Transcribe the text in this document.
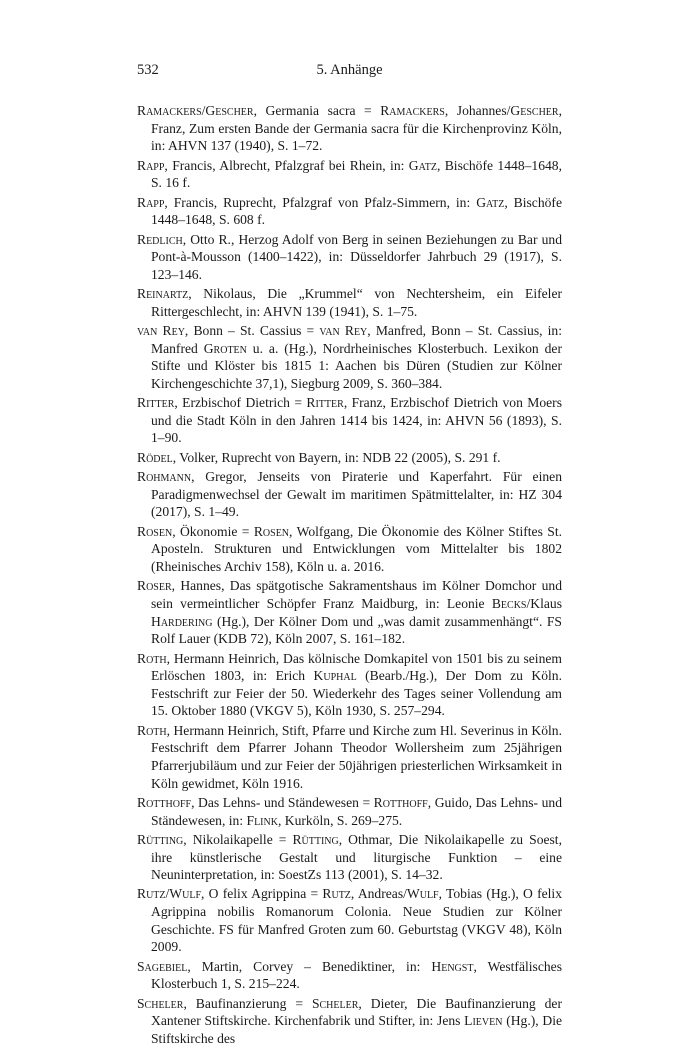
532	5. Anhänge

Ramackers/Gescher, Germania sacra = Ramackers, Johannes/Gescher, Franz, Zum ersten Bande der Germania sacra für die Kirchenprovinz Köln, in: AHVN 137 (1940), S. 1–72.

Rapp, Francis, Albrecht, Pfalzgraf bei Rhein, in: Gatz, Bischöfe 1448–1648, S. 16 f.

Rapp, Francis, Ruprecht, Pfalzgraf von Pfalz-Simmern, in: Gatz, Bischöfe 1448–1648, S. 608 f.

Redlich, Otto R., Herzog Adolf von Berg in seinen Beziehungen zu Bar und Pont-à-Mousson (1400–1422), in: Düsseldorfer Jahrbuch 29 (1917), S. 123–146.

Reinartz, Nikolaus, Die „Krummel“ von Nechtersheim, ein Eifeler Rittergeschlecht, in: AHVN 139 (1941), S. 1–75.

van Rey, Bonn – St. Cassius = van Rey, Manfred, Bonn – St. Cassius, in: Manfred Groten u. a. (Hg.), Nordrheinisches Klosterbuch. Lexikon der Stifte und Klöster bis 1815 1: Aachen bis Düren (Studien zur Kölner Kirchengeschichte 37,1), Siegburg 2009, S. 360–384.

Ritter, Erzbischof Dietrich = Ritter, Franz, Erzbischof Dietrich von Moers und die Stadt Köln in den Jahren 1414 bis 1424, in: AHVN 56 (1893), S. 1–90.

Rödel, Volker, Ruprecht von Bayern, in: NDB 22 (2005), S. 291 f.

Rohmann, Gregor, Jenseits von Piraterie und Kaperfahrt. Für einen Paradigmenwechsel der Gewalt im maritimen Spätmittelalter, in: HZ 304 (2017), S. 1–49.

Rosen, Ökonomie = Rosen, Wolfgang, Die Ökonomie des Kölner Stiftes St. Aposteln. Strukturen und Entwicklungen vom Mittelalter bis 1802 (Rheinisches Archiv 158), Köln u. a. 2016.

Roser, Hannes, Das spätgotische Sakramentshaus im Kölner Domchor und sein vermeintlicher Schöpfer Franz Maidburg, in: Leonie Becks/Klaus Hardering (Hg.), Der Kölner Dom und „was damit zusammenhängt“. FS Rolf Lauer (KDB 72), Köln 2007, S. 161–182.

Roth, Hermann Heinrich, Das kölnische Domkapitel von 1501 bis zu seinem Erlöschen 1803, in: Erich Kuphal (Bearb./Hg.), Der Dom zu Köln. Festschrift zur Feier der 50. Wiederkehr des Tages seiner Vollendung am 15. Oktober 1880 (VKGV 5), Köln 1930, S. 257–294.

Roth, Hermann Heinrich, Stift, Pfarre und Kirche zum Hl. Severinus in Köln. Festschrift dem Pfarrer Johann Theodor Wollersheim zum 25jährigen Pfarrerjubiläum und zur Feier der 50jährigen priesterlichen Wirksamkeit in Köln gewidmet, Köln 1916.

Rotthoff, Das Lehns- und Ständewesen = Rotthoff, Guido, Das Lehns- und Ständewesen, in: Flink, Kurköln, S. 269–275.

Rütting, Nikolaikapelle = Rütting, Othmar, Die Nikolaikapelle zu Soest, ihre künstlerische Gestalt und liturgische Funktion – eine Neuninterpretation, in: SoestZs 113 (2001), S. 14–32.

Rutz/Wulf, O felix Agrippina = Rutz, Andreas/Wulf, Tobias (Hg.), O felix Agrippina nobilis Romanorum Colonia. Neue Studien zur Kölner Geschichte. FS für Manfred Groten zum 60. Geburtstag (VKGV 48), Köln 2009.

Sagebiel, Martin, Corvey – Benediktiner, in: Hengst, Westfälisches Klosterbuch 1, S. 215–224.

Scheler, Baufinanzierung = Scheler, Dieter, Die Baufinanzierung der Xantener Stiftskirche. Kirchenfabrik und Stifter, in: Jens Lieven (Hg.), Die Stiftskirche des
